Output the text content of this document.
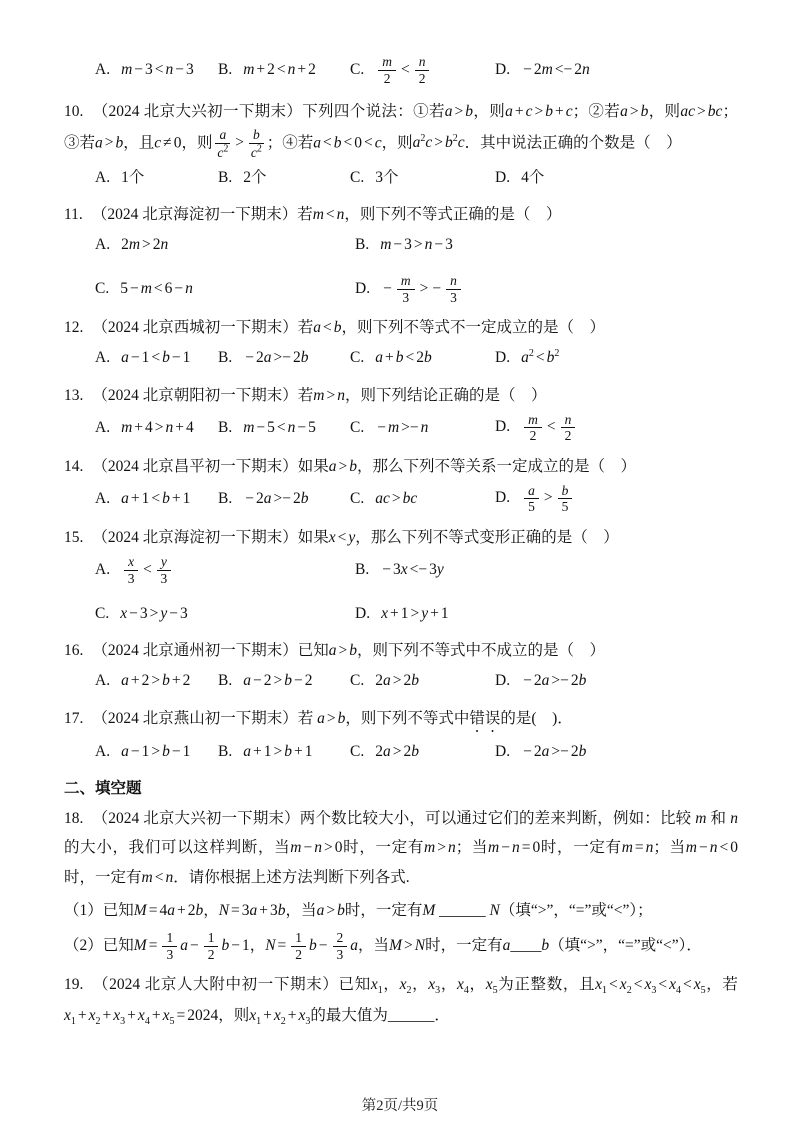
A. m − 3 < n − 3	B. m + 2 < n + 2	C. $\frac{m}{2} < \frac{n}{2}$	D. − 2m <− 2n
10. （2024 北京大兴初一下期末）下列四个说法：①若a > b，则a + c > b + c；②若a > b，则ac > bc；③若a > b，且c ≠ 0，则 $\frac{a}{c^2} > \frac{b}{c^2}$ ；④若a < b < 0 < c，则$a^2c > b^2c$．其中说法正确的个数是（　）
A. 1个	B. 2个	C. 3个	D. 4个
11. （2024 北京海淀初一下期末）若m < n，则下列不等式正确的是（　）
A. 2m > 2n	B. m − 3 > n − 3
C. 5 − m < 6 − n	D. − $\frac{m}{3}$ > − $\frac{n}{3}$
12. （2024 北京西城初一下期末）若a < b，则下列不等式不一定成立的是（　）
A. a − 1 < b − 1	B. − 2a >− 2b	C. a + b < 2b	D. $a^2 < b^2$
13. （2024 北京朝阳初一下期末）若m > n，则下列结论正确的是（　）
A. m + 4 > n + 4	B. m − 5 < n − 5	C. − m >− n	D. $\frac{m}{2} < \frac{n}{2}$
14. （2024 北京昌平初一下期末）如果a > b，那么下列不等关系一定成立的是（　）
A. a + 1 < b + 1	B. − 2a >− 2b	C. ac > bc	D. $\frac{a}{5} > \frac{b}{5}$
15. （2024 北京海淀初一下期末）如果x < y，那么下列不等式变形正确的是（　）
A. $\frac{x}{3} < \frac{y}{3}$	B. − 3x <− 3y
C. x − 3 > y − 3	D. x + 1 > y + 1
16. （2024 北京通州初一下期末）已知a > b，则下列不等式中不成立的是（　）
A. a + 2 > b + 2	B. a − 2 > b − 2	C. 2a > 2b	D. − 2a >− 2b
17. （2024 北京燕山初一下期末）若 a > b，则下列不等式中错误的是(　)．
A. a − 1 > b − 1	B. a + 1 > b + 1	C. 2a > 2b	D. − 2a >− 2b
二、填空题
18. （2024 北京大兴初一下期末）两个数比较大小，可以通过它们的差来判断，例如：比较 m 和 n 的大小，我们可以这样判断，当m − n > 0时，一定有m > n；当m − n = 0时，一定有m = n；当m − n < 0时，一定有m < n．请你根据上述方法判断下列各式.
（1）已知M = 4a + 2b，N = 3a + 3b，当a > b时，一定有M ______ N（填“>”，“=”或“<”）；
（2）已知$M = \frac{1}{3}$ $a - \frac{1}{2}$ b − 1，$N = \frac{1}{2}$ $b - \frac{2}{3}$ a，当M > N时，一定有a____b（填“>”，“=”或“<”）．
19. （2024 北京人大附中初一下期末）已知$x_1$，$x_2$，$x_3$，$x_4$，$x_5$为正整数，且$x_1 < x_2 < x_3 < x_4 < x_5$，若$x_1 + x_2 + x_3 + x_4 + x_5 = 2024$，则$x_1 + x_2 + x_3$的最大值为______．
第2页/共9页
